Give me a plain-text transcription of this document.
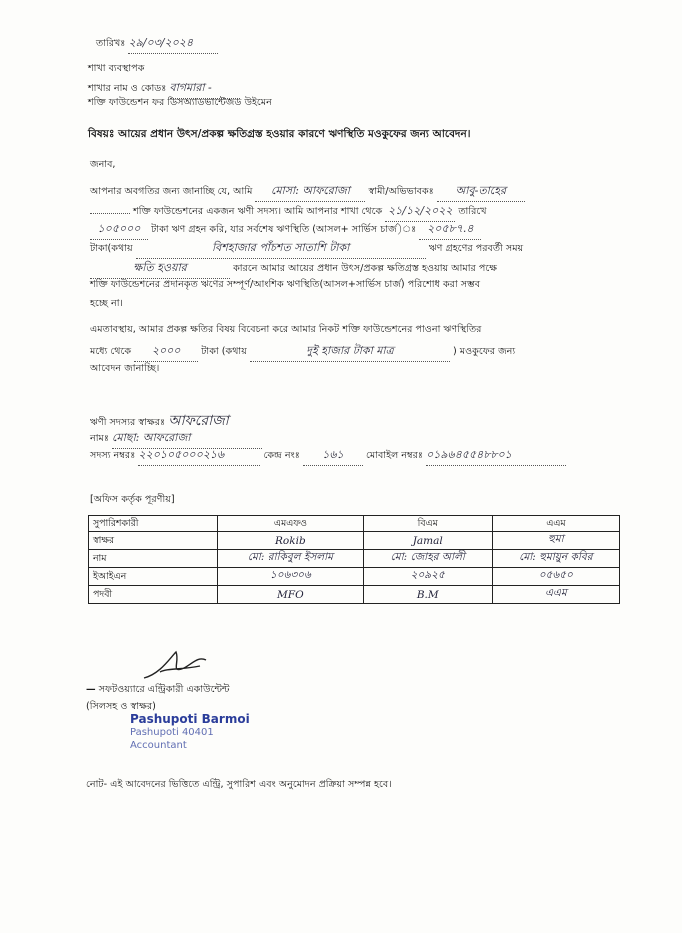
তারিখঃ ২৯/০৩/২০২৪
শাখা ব্যবস্থাপক
শাখার নাম ও কোডঃ বাগমারা -
শক্তি ফাউন্ডেশন ফর ডিসঅ্যাডভান্টেজড উইমেন
বিষয়ঃ আয়ের প্রধান উৎস/প্রকল্প ক্ষতিগ্রস্ত হওয়ার কারণে ঋণস্থিতি মওকুফের জন্য আবেদন।
জনাব,
আপনার অবগতির জন্য জানাচ্ছি যে, আমি মোসা: আফরোজা স্বামী/অভিভাবকঃ আবু-তাহের
শক্তি ফাউন্ডেশনের একজন ঋণী সদস্য। আমি আপনার শাখা থেকে ২১/১২/২০২২ তারিখে
১০৫০০০ টাকা ঋণ গ্রহন করি, যার সর্বশেষ ঋণস্থিতি (আসল+ সার্ভিস চার্জ)ঃ ২০৫৮৭.৪
টাকা(কথায়	বিশহাজার পাঁচশত সাতাশি টাকা	ঋণ গ্রহণের পরবর্তী সময়
ক্ষতি হওয়ার	কারনে আমার আয়ের প্রধান উৎস/প্রকল্প ক্ষতিগ্রস্ত হওয়ায় আমার পক্ষে
শক্তি ফাউন্ডেশনের প্রদানকৃত ঋণের সম্পূর্ণ/আংশিক ঋণস্থিতি(আসল+সার্ভিস চার্জ) পরিশোধ করা সম্ভব
হচ্ছে না।
এমতাবস্থায়, আমার প্রকল্প ক্ষতির বিষয় বিবেচনা করে আমার নিকট শক্তি ফাউন্ডেশনের পাওনা ঋণস্থিতির
মধ্যে থেকে ২০০০ টাকা (কথায়	দুই হাজার টাকা মাত্র	) মওকুফের জন্য
আবেদন জানাচ্ছি।
ঋণী সদস্যর স্বাক্ষরঃ আফরোজা
নামঃ মোছা: আফরোজা
সদস্য নম্বরঃ ২২০১০৫০০০২১৬	কেন্দ্র নংঃ ১৬১ মোবাইল নম্বরঃ ০১৯৬৪৫৫৪৮৮০১
[অফিস কর্তৃক পূরণীয়]
সুপারিশকারী	এমএফও	বিএম	এএম
স্বাক্ষর	Rokib	Jamal	হুমা
নাম	মো: রাকিবুল ইসলাম	মো: জোহর আলী	মো: হুমায়ুন কবির
ইআইএন	১০৬৩০৬	২০৯২৫	০৫৬৫০
পদবী	MFO	B.M	এএম
— সফটওয়্যারে এন্ট্রিকারী একাউন্টেন্ট
(সিলসহ ও স্বাক্ষর)
Pashupoti Barmoi
Pashupoti 40401
Accountant
নোট- এই আবেদনের ভিত্তিতে এন্ট্রি, সুপারিশ এবং অনুমোদন প্রক্রিয়া সম্পন্ন হবে।
